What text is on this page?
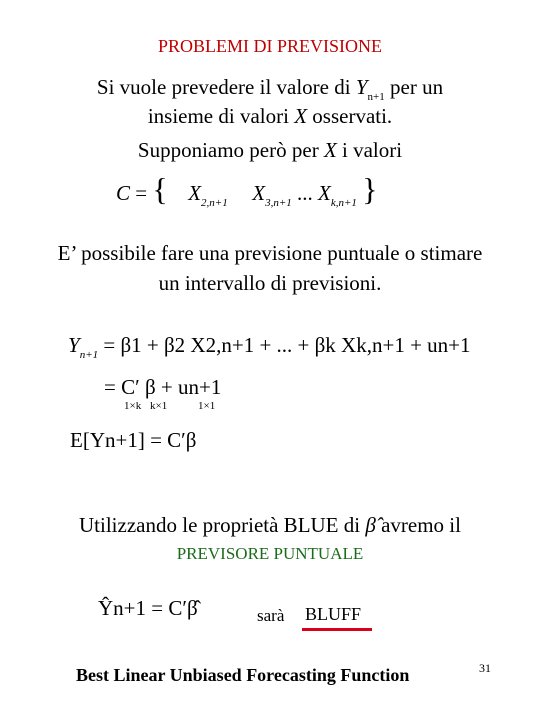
PROBLEMI DI PREVISIONE
Si vuole prevedere il valore di $Y_{n+1}$ per un
insieme di valori X osservati.
Supponiamo però per X i valori
C = { $X_{2,n+1}$ $X_{3,n+1}$ ... $X_{k,n+1}$ }
E’ possibile fare una previsione puntuale o stimare
un intervallo di previsioni.
$Y_{n+1} = \beta 1 + \beta 2$ X2,n+1 + ... + βk Xk,n+1 + un+1
= C′ β + un+1
1×k k×1	1×1
E[Yn+1] = C′β
Utilizzando le proprietà BLUE di β̂ avremo il
PREVISORE PUNTUALE
Ŷn+1 = C′β̂	sarà BLUFF
Best Linear Unbiased Forecasting Function	31
